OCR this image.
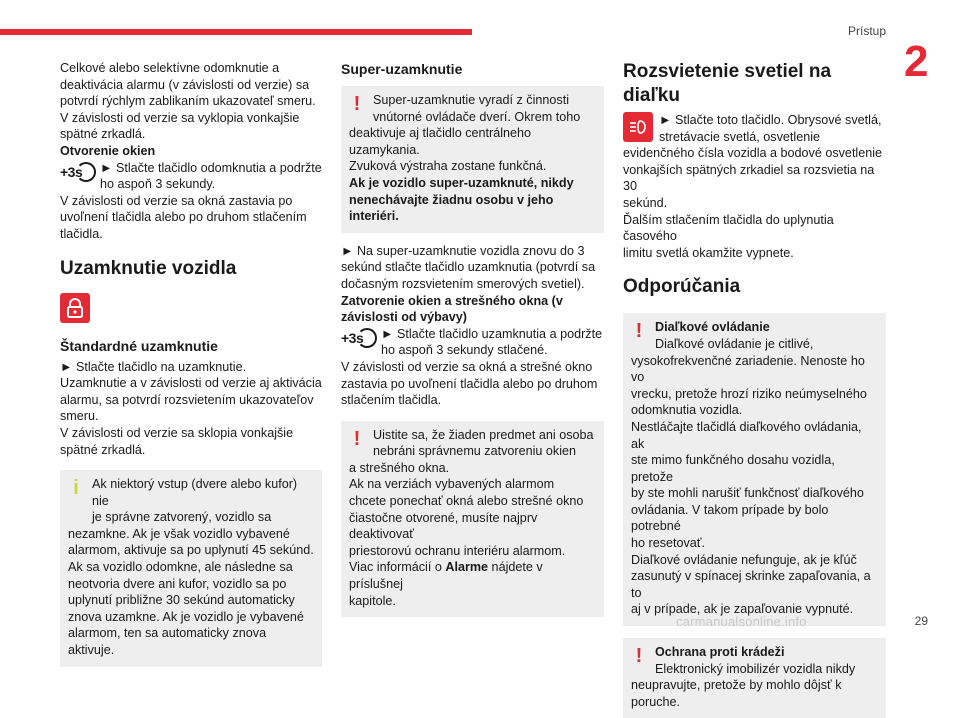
Prístup
2

Celkové alebo selektívne odomknutie a

deaktivácia alarmu (v závislosti od verzie) sa

potvrdí rýchlym zablikaním ukazovateľ smeru.

V závislosti od verzie sa vyklopia vonkajšie

spätné zrkadlá.

Otvorenie okien

+3s	► Stlačte tlačidlo odomknutia a podržte

ho aspoň 3 sekundy.

V závislosti od verzie sa okná zastavia po

uvoľnení tlačidla alebo po druhom stlačením

tlačidla.

Uzamknutie vozidla
Štandardné uzamknutie

► Stlačte tlačidlo na uzamknutie.

Uzamknutie a v závislosti od verzie aj aktivácia

alarmu, sa potvrdí rozsvietením ukazovateľov

smeru.

V závislosti od verzie sa sklopia vonkajšie

spätné zrkadlá.

i	Ak niektorý vstup (dvere alebo kufor) nie

je správne zatvorený, vozidlo sa

nezamkne. Ak je však vozidlo vybavené

alarmom, aktivuje sa po uplynutí 45 sekúnd.

Ak sa vozidlo odomkne, ale následne sa

neotvoria dvere ani kufor, vozidlo sa po

uplynutí približne 30 sekúnd automaticky

znova uzamkne. Ak je vozidlo je vybavené

alarmom, ten sa automaticky znova aktivuje.

Super-uzamknutie
!	Super-uzamknutie vyradí z činnosti

vnútorné ovládače dverí. Okrem toho

deaktivuje aj tlačidlo centrálneho uzamykania.

Zvuková výstraha zostane funkčná.

Ak je vozidlo super-uzamknuté, nikdy

nenechávajte žiadnu osobu v jeho

interiéri.

► Na super-uzamknutie vozidla znovu do 3

sekúnd stlačte tlačidlo uzamknutia (potvrdí sa

dočasným rozsvietením smerových svetiel).

Zatvorenie okien a strešného okna (v

závislosti od výbavy)

+3s	► Stlačte tlačidlo uzamknutia a podržte

ho aspoň 3 sekundy stlačené.

V závislosti od verzie sa okná a strešné okno

zastavia po uvoľnení tlačidla alebo po druhom

stlačením tlačidla.

!	Uistite sa, že žiaden predmet ani osoba

nebráni správnemu zatvoreniu okien

a strešného okna.

Ak na verziách vybavených alarmom

chcete ponechať okná alebo strešné okno

čiastočne otvorené, musíte najprv deaktivovať

priestorovú ochranu interiéru alarmom.

Viac informácií o Alarme nájdete v príslušnej

kapitole.

Rozsvietenie svetiel na
diaľku

► Stlačte toto tlačidlo. Obrysové svetlá,

stretávacie svetlá, osvetlenie

evidenčného čísla vozidla a bodové osvetlenie

vonkajších spätných zrkadiel sa rozsvietia na 30

sekúnd.

Ďalším stlačením tlačidla do uplynutia časového

limitu svetlá okamžite vypnete.

Odporúčania
!	Diaľkové ovládanie

Diaľkové ovládanie je citlivé,

vysokofrekvenčné zariadenie. Nenoste ho vo

vrecku, pretože hrozí riziko neúmyselného

odomknutia vozidla.

Nestláčajte tlačidlá diaľkového ovládania, ak

ste mimo funkčného dosahu vozidla, pretože

by ste mohli narušiť funkčnosť diaľkového

ovládania. V takom prípade by bolo potrebné

ho resetovať.

Diaľkové ovládanie nefunguje, ak je kľúč

zasunutý v spínacej skrinke zapaľovania, a to

aj v prípade, ak je zapaľovanie vypnuté.

!	Ochrana proti krádeži

Elektronický imobilizér vozidla nikdy

neupravujte, pretože by mohlo dôjsť k

poruche.

carmanualsonline.info	29
